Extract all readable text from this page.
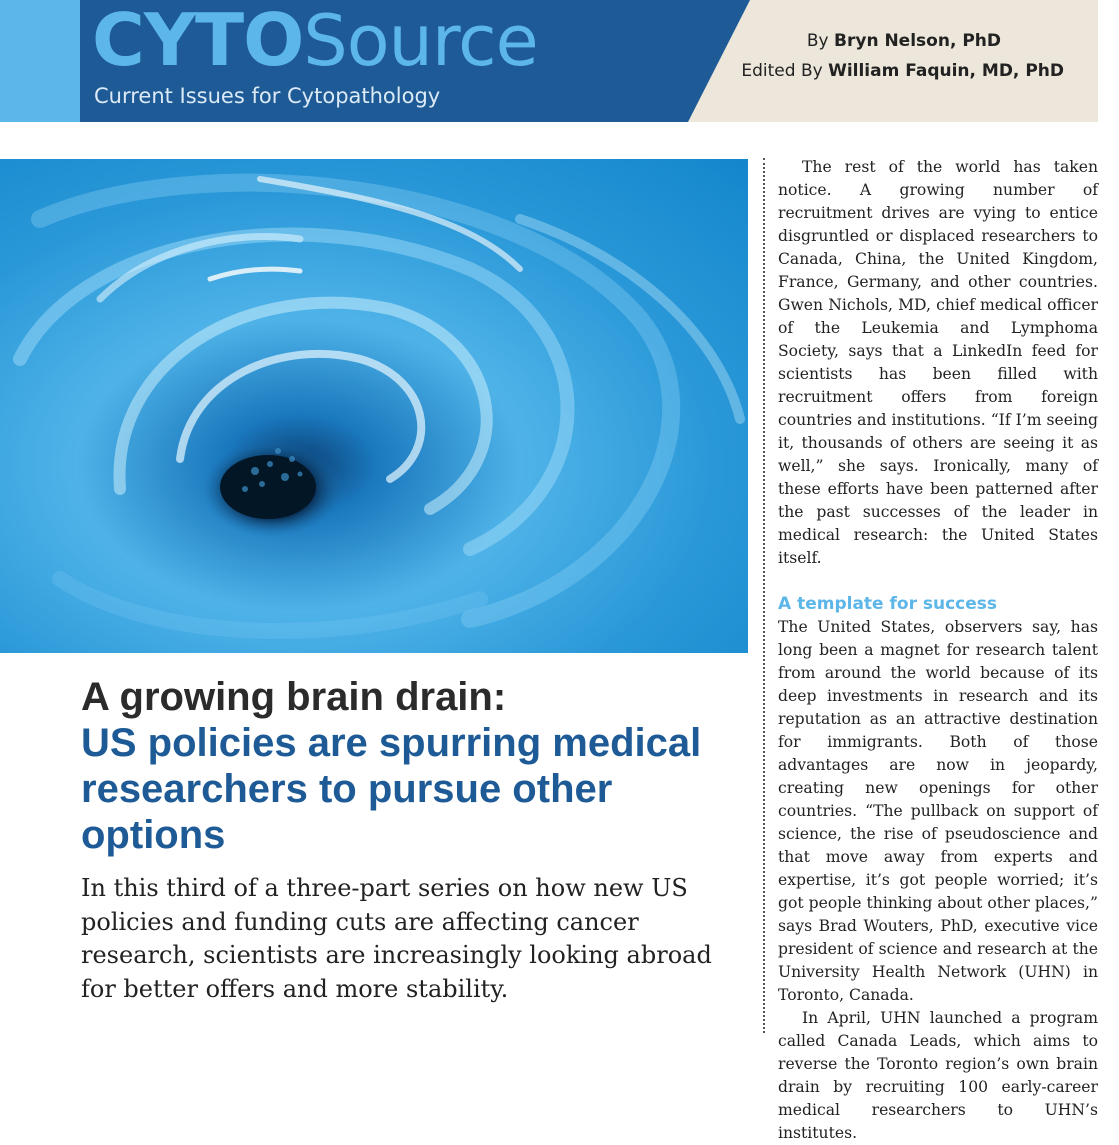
CYTOSource
Current Issues for Cytopathology
By Bryn Nelson, PhD
Edited By William Faquin, MD, PhD
A growing brain drain:
US policies are spurring medical researchers to pursue other options
In this third of a three-part series on how new US policies and funding cuts are affecting cancer research, scientists are increasingly looking abroad for better offers and more stability.

The rest of the world has taken notice. A growing number of recruitment drives are vying to entice disgruntled or displaced researchers to Canada, China, the United Kingdom, France, Germany, and other countries. Gwen Nichols, MD, chief medical officer of the Leukemia and Lymphoma Society, says that a LinkedIn feed for scientists has been filled with recruitment offers from foreign countries and institutions. “If I’m seeing it, thousands of others are seeing it as well,” she says. Ironically, many of these efforts have been patterned after the past successes of the leader in medical research: the United States itself.

A template for success

The United States, observers say, has long been a magnet for research talent from around the world because of its deep investments in research and its reputation as an attractive destination for immigrants. Both of those advantages are now in jeopardy, creating new openings for other countries. “The pullback on support of science, the rise of pseudoscience and that move away from experts and expertise, it’s got people worried; it’s got people thinking about other places,” says Brad Wouters, PhD, executive vice president of science and research at the University Health Network (UHN) in Toronto, Canada.

In April, UHN launched a program called Canada Leads, which aims to reverse the Toronto region’s own brain drain by recruiting 100 early-career medical researchers to UHN’s institutes.
